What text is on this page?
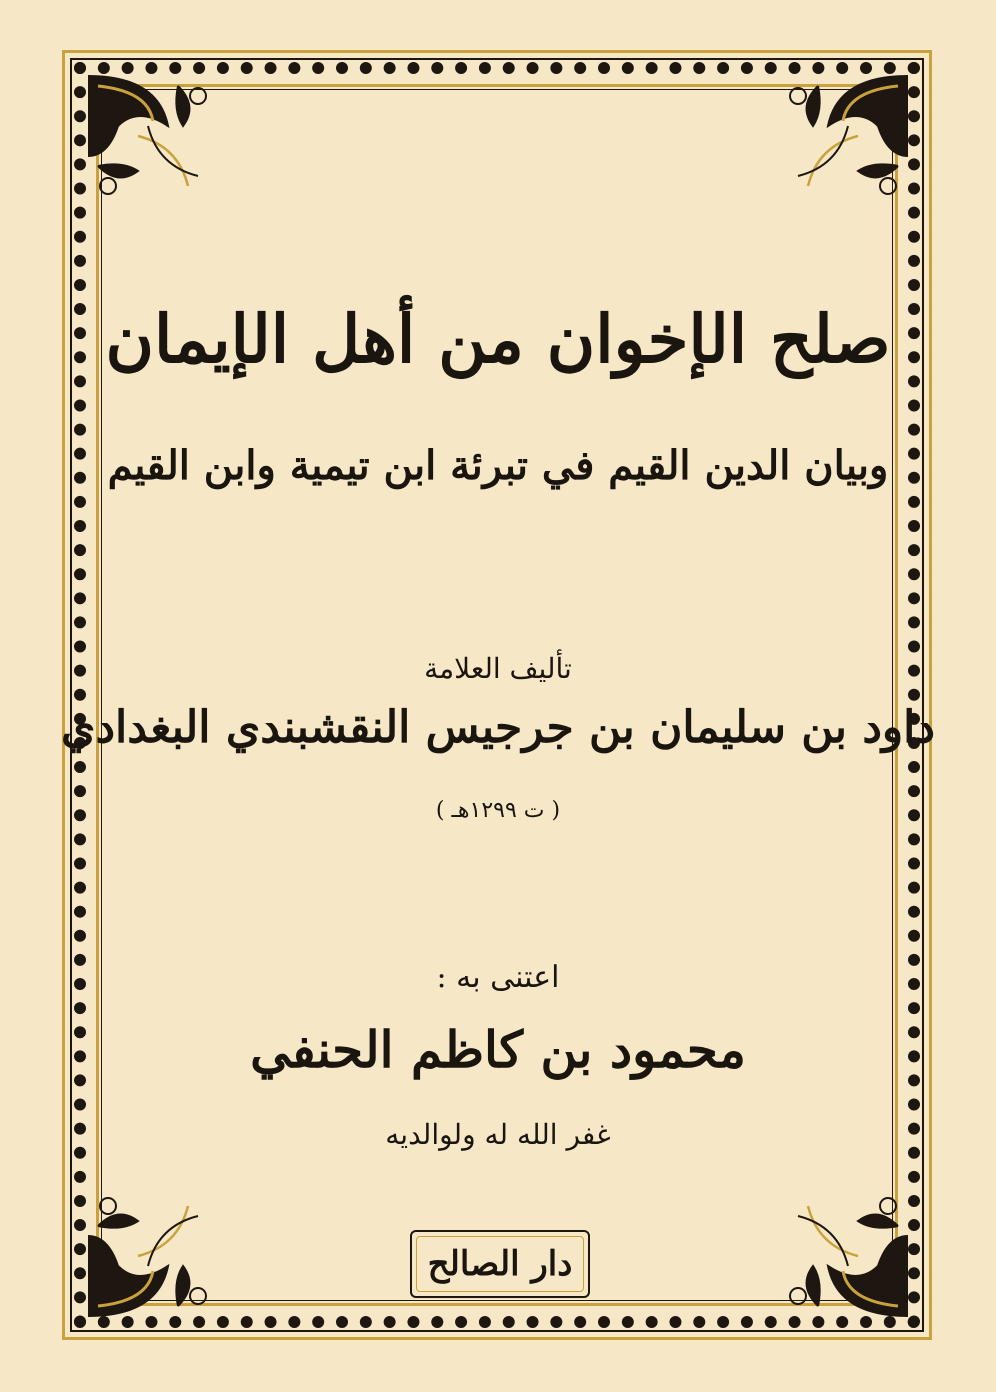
صلح الإخوان من أهل الإيمان
وبيان الدين القيم في تبرئة ابن تيمية وابن القيم
تأليف العلامة
داود بن سليمان بن جرجيس النقشبندي البغدادي
( ت ١٢٩٩هـ )
اعتنى به :
محمود بن كاظم الحنفي
غفر الله له ولوالديه
دار الصالح
